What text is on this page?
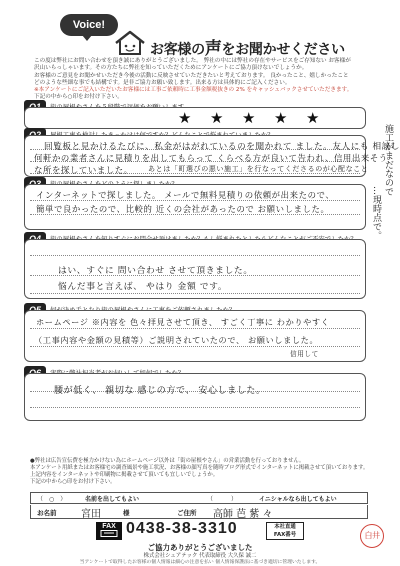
Voice!
お客様の声をお聞かせください
この度は弊社にお問い合わせを頂き誠にありがとうございました。 弊社の中には弊社の存在やサービスをご存知ない お客様が
沢山いらっしゃいます。その方たちに弊社を知っていただくためにアンケートにご協力頂けないでしょうか。
お客様のご意見をお聞かせいただき今後の活動に反映させていただきたいと考えております。 良かったこと、嬉しかったこと
どのような些細な事でも結構です。是非ご協力お願い致します。出来る方は具体的にご記入ください。
※本アンケートにご記入いただいたお客様には工事ご依頼時に工事金額税抜きの 2% をキャッシュバックさせていただきます。
下記の中から○印をお付け下さい。
★ ★ ★ ★ ★
回覧板と見かけるたびに、私金がはがれているのを聞かれて ました。友人にも 相談し
何軒かの業者さんに見積りを出してもらって くらべる方が良いて告われ、信用出来そう
な所を探していました。 あとは「町選びの悪い施工」を行なってくださるのが心配なこと 施工がまだなので
…現時点で。
インターネットで探しました。 メールで無料見積りの依頼が出来たので、
簡単で良かったので、比較的 近くの会社があったので お願いしました。
はい、すぐに 問い合わせ させて頂きました。
悩んだ事と言えば、 やはり 金額 です。
ホームページ ※内容を 色々拝見させて頂き、 すごく丁寧に わかりやすく
（工事内容や金額の見積等）ご説明されていたので、 お願いしました。
信用して
腰が低く、 親切な 感じの方で、 安心しました。
●弊社は広告宣伝費を極力かけない為にホームページ以外は「街の屋根やさん」の営業活動を行っておりません。
本アンケート用紙またはお客様宅の調査風景や施工状況、お客様の顔写真を随時ブログ形式でインターネットに掲載させて頂いております。
上記内容をインターネットや印刷物に掲載させて頂いても宜しいでしょうか。
下記の中から○印をお付け下さい。
（　○　）	名前を出してもよい	（　　　）	イニシャルなら出してもよい
お名前 宮田	様	ご住所 高師 芭 紫 々
FAX 0438-38-3310	本社直通
FAX番号
ご協力ありがとうございました
株式会社シェアテック 代表取締役 大久保 誠二
当アンケートで取得したお客様の個人情報は細心の注意を払い 個人情報保護法に基づき適切に管理いたします。
白井
